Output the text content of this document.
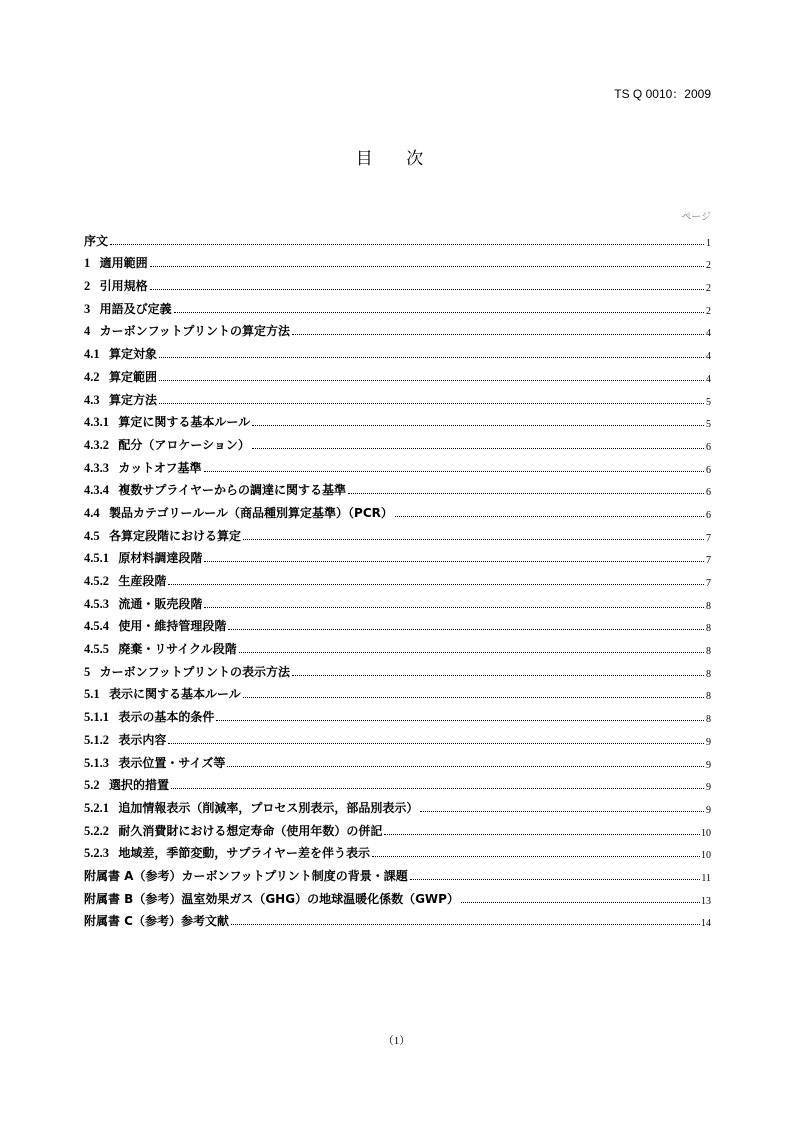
TS Q 0010：2009
目 次
ページ
序文	1
1 適用範囲	2
2 引用規格	2
3 用語及び定義	2
4 カーボンフットプリントの算定方法	4
4.1 算定対象	4
4.2 算定範囲	4
4.3 算定方法	5
4.3.1 算定に関する基本ルール	5
4.3.2 配分（アロケーション）	6
4.3.3 カットオフ基準	6
4.3.4 複数サプライヤーからの調達に関する基準	6
4.4 製品カテゴリールール（商品種別算定基準）（PCR）	6
4.5 各算定段階における算定	7
4.5.1 原材料調達段階	7
4.5.2 生産段階	7
4.5.3 流通・販売段階	8
4.5.4 使用・維持管理段階	8
4.5.5 廃棄・リサイクル段階	8
5 カーボンフットプリントの表示方法	8
5.1 表示に関する基本ルール	8
5.1.1 表示の基本的条件	8
5.1.2 表示内容	9
5.1.3 表示位置・サイズ等	9
5.2 選択的措置	9
5.2.1 追加情報表示（削減率，プロセス別表示，部品別表示）	9
5.2.2 耐久消費財における想定寿命（使用年数）の併記	10
5.2.3 地域差，季節変動，サプライヤー差を伴う表示	10
附属書 A（参考）カーボンフットプリント制度の背景・課題	11
附属書 B（参考）温室効果ガス（GHG）の地球温暖化係数（GWP）	13
附属書 C（参考）参考文献	14
（1）
